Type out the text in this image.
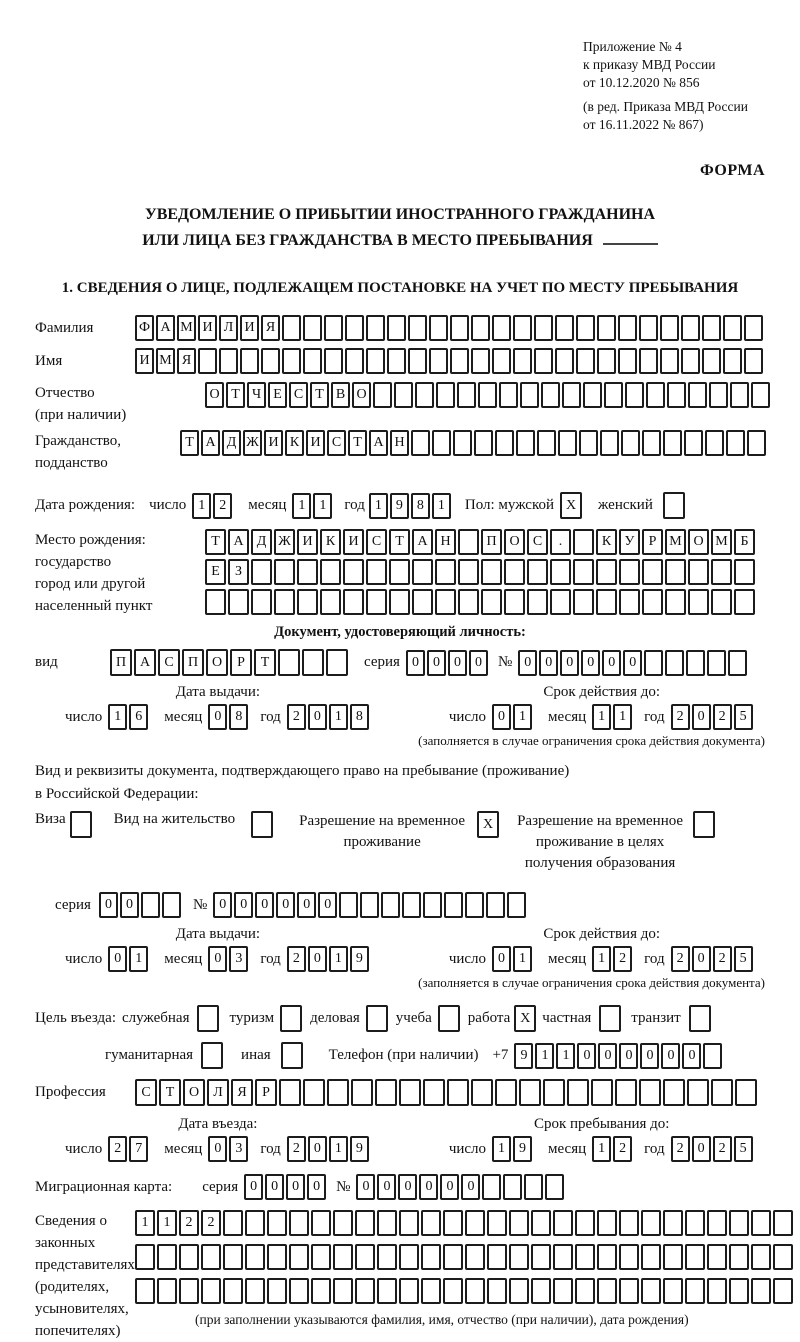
Приложение № 4
к приказу МВД России
от 10.12.2020 № 856
(в ред. Приказа МВД России
от 16.11.2022 № 867)
ФОРМА
УВЕДОМЛЕНИЕ О ПРИБЫТИИ ИНОСТРАННОГО ГРАЖДАНИНА
ИЛИ ЛИЦА БЕЗ ГРАЖДАНСТВА В МЕСТО ПРЕБЫВАНИЯ
1. СВЕДЕНИЯ О ЛИЦЕ, ПОДЛЕЖАЩЕМ ПОСТАНОВКЕ НА УЧЕТ ПО МЕСТУ ПРЕБЫВАНИЯ
Фамилия	Ф А М И Л И Я
Имя	И М Я
Отчество
(при наличии)
О Т Ч Е С Т В О
Гражданство,
подданство
Т А Д Ж И К И С Т А Н
Дата рождения: число 1	2	месяц 1	1	год 1	9	8	1	Пол: мужской X	женский
Место рождения:
государство
город или другой
населенный пункт
Т А Д Ж И К И С	Т А Н	П О С	.	К У	Р М О М Б
Е	З
Документ, удостоверяющий личность:
вид	П А	С	П О	Р	Т	серия 0	0	0	0	№ 0	0	0	0	0	0
Дата выдачи:
число 1	6	месяц 0	8	год 2	0	1	8
Срок действия до:
число 0	1	месяц 1	1	год 2	0	2	5
(заполняется в случае ограничения срока действия документа)
Вид и реквизиты документа, подтверждающего право на пребывание (проживание)
в Российской Федерации:
Виза	Вид на жительство	Разрешение на временное
проживание
X	Разрешение на временное
проживание в целях
получения образования
серия	0	0	№ 0	0	0	0	0	0
Дата выдачи:
число 0	1	месяц 0	3	год 2	0	1	9
Срок действия до:
число 0	1	месяц 1	2	год 2	0	2	5
(заполняется в случае ограничения срока действия документа)
Цель въезда: служебная	туризм деловая учеба работа X частная	транзит
гуманитарная	иная	Телефон (при наличии) +7 9	1	1	0	0	0	0	0	0
Профессия	С	Т	О	Л	Я	Р
Дата въезда:
число 2	7	месяц 0	3	год 2	0	1	9
Срок пребывания до:
число 1	9	месяц 1	2	год 2	0	2	5
Миграционная карта: серия 0	0	0	0	№ 0	0	0	0	0	0
Сведения о
законных
представителях
(родителях,
усыновителях,
попечителях)
1	1	2	2
(при заполнении указываются фамилия, имя, отчество (при наличии), дата рождения)
